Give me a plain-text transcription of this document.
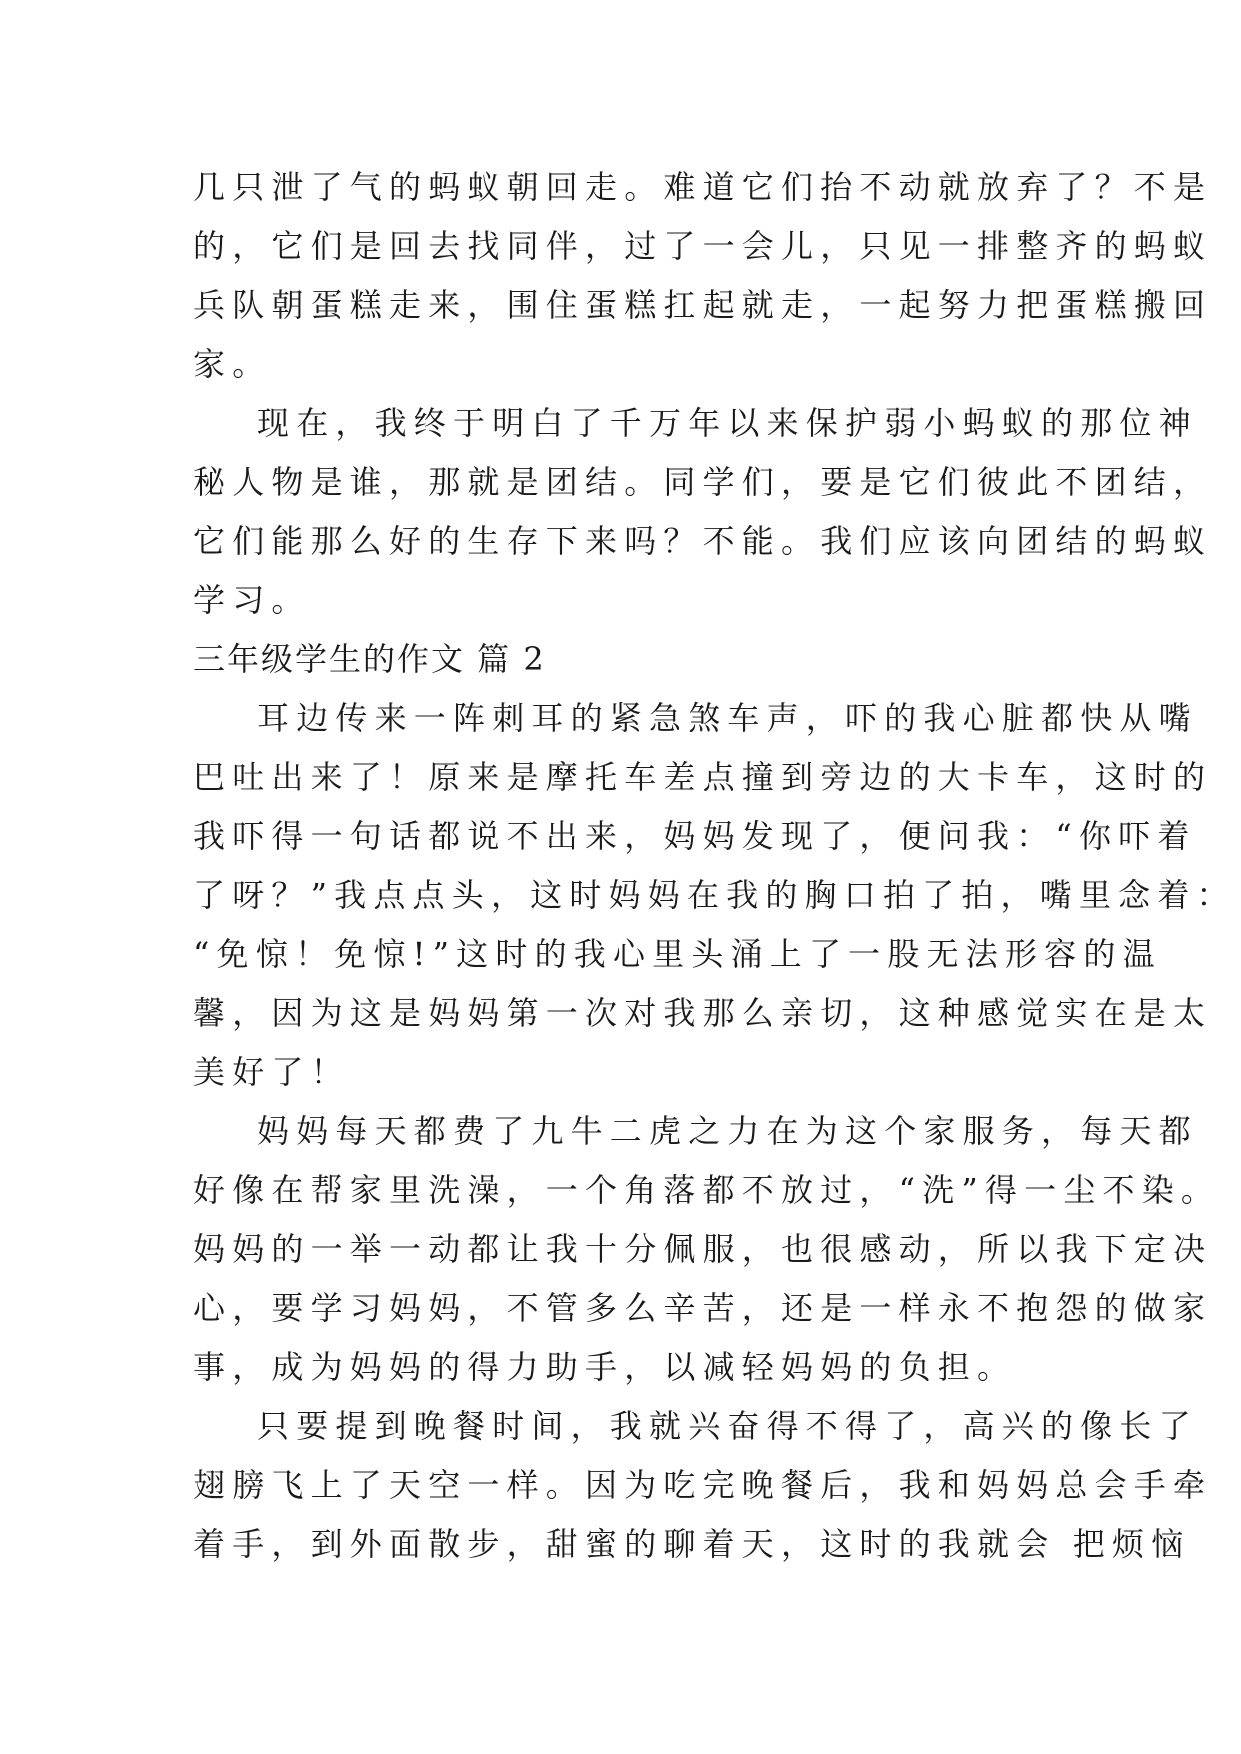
几只泄了气的蚂蚁朝回走。难道它们抬不动就放弃了？不是
的，它们是回去找同伴，过了一会儿，只见一排整齐的蚂蚁
兵队朝蛋糕走来，围住蛋糕扛起就走，一起努力把蛋糕搬回
家。
现在，我终于明白了千万年以来保护弱小蚂蚁的那位神
秘人物是谁，那就是团结。同学们，要是它们彼此不团结，
它们能那么好的生存下来吗？不能。我们应该向团结的蚂蚁
学习。
三年级学生的作文 篇 2
耳边传来一阵刺耳的紧急煞车声，吓的我心脏都快从嘴
巴吐出来了！原来是摩托车差点撞到旁边的大卡车，这时的
我吓得一句话都说不出来，妈妈发现了，便问我：“你吓着
了呀？”我点点头，这时妈妈在我的胸口拍了拍，嘴里念着：
“免惊！免惊!”这时的我心里头涌上了一股无法形容的温
馨，因为这是妈妈第一次对我那么亲切，这种感觉实在是太
美好了！
妈妈每天都费了九牛二虎之力在为这个家服务，每天都
好像在帮家里洗澡，一个角落都不放过，“洗”得一尘不染。
妈妈的一举一动都让我十分佩服，也很感动，所以我下定决
心，要学习妈妈，不管多么辛苦，还是一样永不抱怨的做家
事，成为妈妈的得力助手，以减轻妈妈的负担。
只要提到晚餐时间，我就兴奋得不得了，高兴的像长了
翅膀飞上了天空一样。因为吃完晚餐后，我和妈妈总会手牵
着手，到外面散步，甜蜜的聊着天，这时的我就会 把烦恼
